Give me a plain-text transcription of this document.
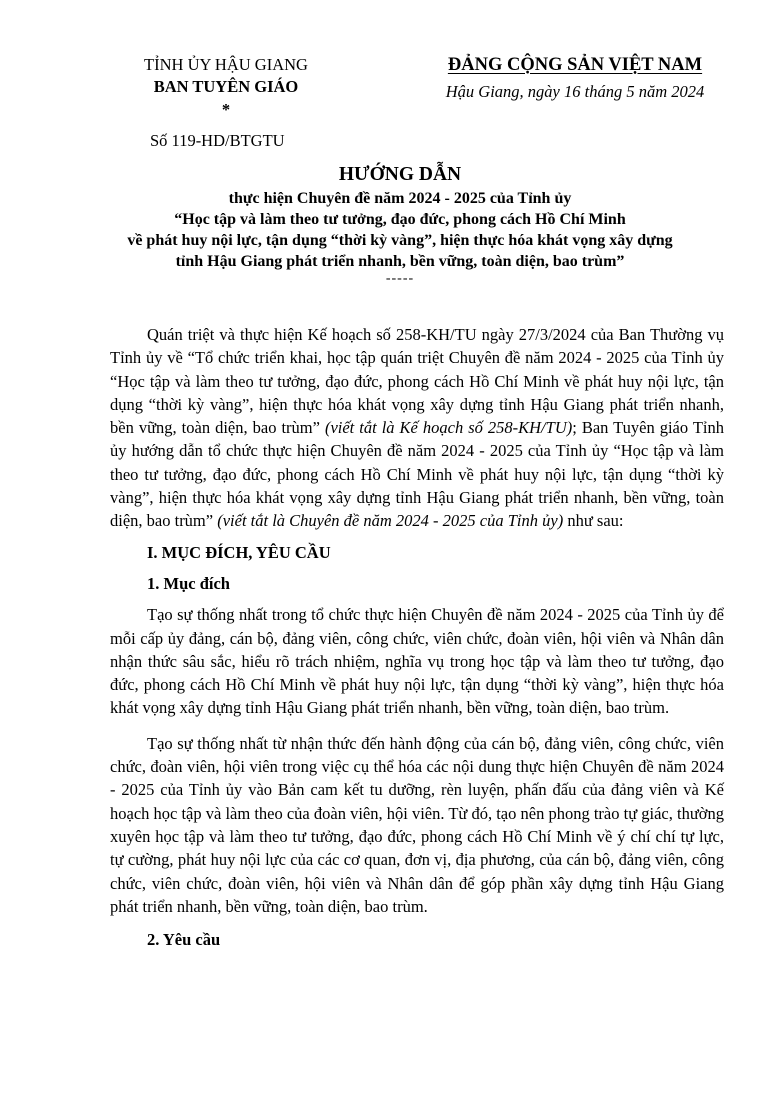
TỈNH ỦY HẬU GIANG
BAN TUYÊN GIÁO
*
Số 119-HD/BTGTU
ĐẢNG CỘNG SẢN VIỆT NAM
Hậu Giang, ngày 16 tháng 5 năm 2024
HƯỚNG DẪN
thực hiện Chuyên đề năm 2024 - 2025 của Tỉnh ủy
“Học tập và làm theo tư tưởng, đạo đức, phong cách Hồ Chí Minh
về phát huy nội lực, tận dụng “thời kỳ vàng”, hiện thực hóa khát vọng xây dựng
tỉnh Hậu Giang phát triển nhanh, bền vững, toàn diện, bao trùm”
-----

Quán triệt và thực hiện Kế hoạch số 258-KH/TU ngày 27/3/2024 của Ban Thường vụ Tỉnh ủy về “Tổ chức triển khai, học tập quán triệt Chuyên đề năm 2024 - 2025 của Tỉnh ủy “Học tập và làm theo tư tưởng, đạo đức, phong cách Hồ Chí Minh về phát huy nội lực, tận dụng “thời kỳ vàng”, hiện thực hóa khát vọng xây dựng tỉnh Hậu Giang phát triển nhanh, bền vững, toàn diện, bao trùm” (viết tắt là Kế hoạch số 258-KH/TU); Ban Tuyên giáo Tỉnh ủy hướng dẫn tổ chức thực hiện Chuyên đề năm 2024 - 2025 của Tỉnh ủy “Học tập và làm theo tư tưởng, đạo đức, phong cách Hồ Chí Minh về phát huy nội lực, tận dụng “thời kỳ vàng”, hiện thực hóa khát vọng xây dựng tỉnh Hậu Giang phát triển nhanh, bền vững, toàn diện, bao trùm” (viết tắt là Chuyên đề năm 2024 - 2025 của Tỉnh ủy) như sau:

I. MỤC ĐÍCH, YÊU CẦU
1. Mục đích

Tạo sự thống nhất trong tổ chức thực hiện Chuyên đề năm 2024 - 2025 của Tỉnh ủy để mỗi cấp ủy đảng, cán bộ, đảng viên, công chức, viên chức, đoàn viên, hội viên và Nhân dân nhận thức sâu sắc, hiểu rõ trách nhiệm, nghĩa vụ trong học tập và làm theo tư tưởng, đạo đức, phong cách Hồ Chí Minh về phát huy nội lực, tận dụng “thời kỳ vàng”, hiện thực hóa khát vọng xây dựng tỉnh Hậu Giang phát triển nhanh, bền vững, toàn diện, bao trùm.

Tạo sự thống nhất từ nhận thức đến hành động của cán bộ, đảng viên, công chức, viên chức, đoàn viên, hội viên trong việc cụ thể hóa các nội dung thực hiện Chuyên đề năm 2024 - 2025 của Tỉnh ủy vào Bản cam kết tu dưỡng, rèn luyện, phấn đấu của đảng viên và Kế hoạch học tập và làm theo của đoàn viên, hội viên. Từ đó, tạo nên phong trào tự giác, thường xuyên học tập và làm theo tư tưởng, đạo đức, phong cách Hồ Chí Minh về ý chí chí tự lực, tự cường, phát huy nội lực của các cơ quan, đơn vị, địa phương, của cán bộ, đảng viên, công chức, viên chức, đoàn viên, hội viên và Nhân dân để góp phần xây dựng tỉnh Hậu Giang phát triển nhanh, bền vững, toàn diện, bao trùm.

2. Yêu cầu
